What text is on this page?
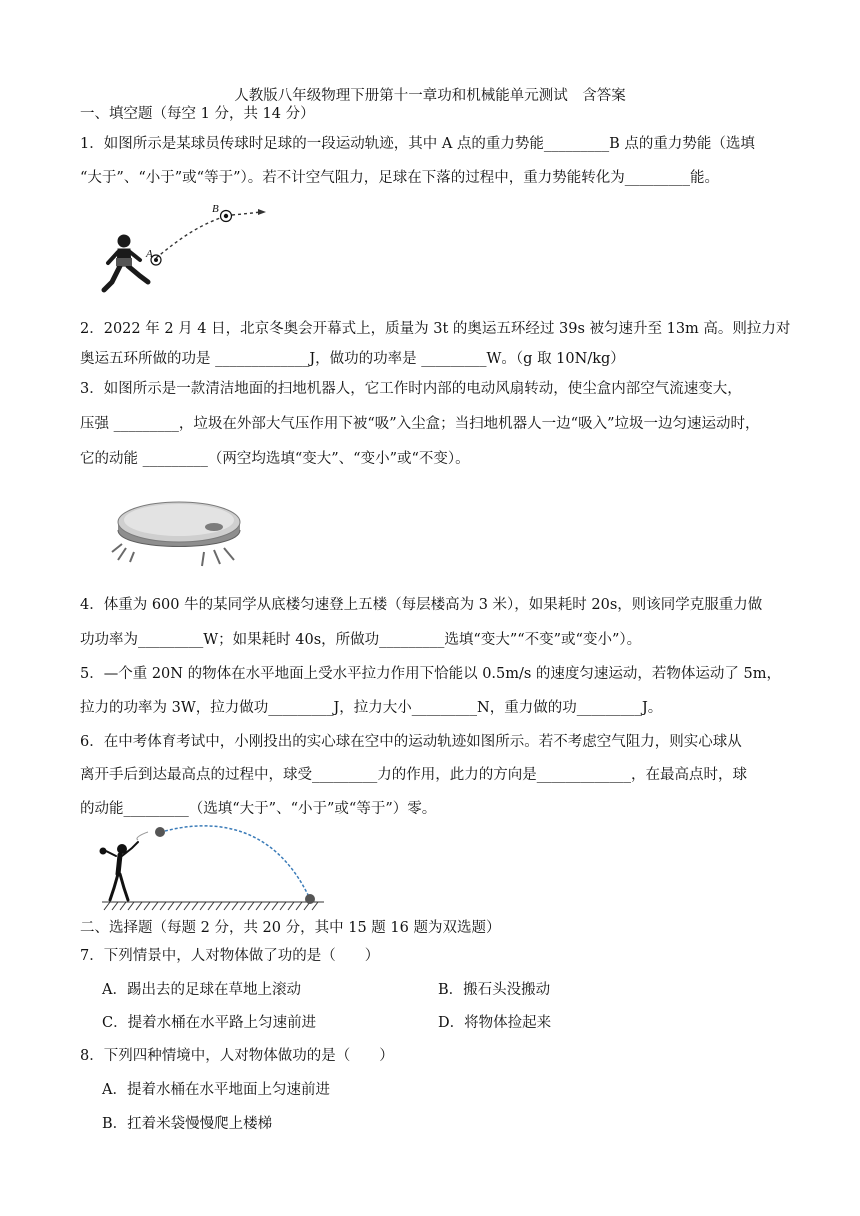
人教版八年级物理下册第十一章功和机械能单元测试　含答案
一、填空题（每空 1 分，共 14 分）
1．如图所示是某球员传球时足球的一段运动轨迹，其中 A 点的重力势能_________B 点的重力势能（选填
“大于”、“小于”或“等于”）。若不计空气阻力，足球在下落的过程中，重力势能转化为_________能。
A
B
2．2022 年 2 月 4 日，北京冬奥会开幕式上，质量为 3t 的奥运五环经过 39s 被匀速升至 13m 高。则拉力对
奥运五环所做的功是 _____________J，做功的功率是 _________W。（g 取 10N/kg）
3．如图所示是一款清洁地面的扫地机器人，它工作时内部的电动风扇转动，使尘盒内部空气流速变大，
压强 _________，垃圾在外部大气压作用下被“吸”入尘盒；当扫地机器人一边“吸入”垃圾一边匀速运动时，
它的动能 _________（两空均选填“变大”、“变小”或“不变）。
4．体重为 600 牛的某同学从底楼匀速登上五楼（每层楼高为 3 米），如果耗时 20s，则该同学克服重力做
功功率为_________W；如果耗时 40s，所做功_________选填“变大”“不变”或“变小”）。
5．—个重 20N 的物体在水平地面上受水平拉力作用下恰能以 0.5m/s 的速度匀速运动，若物体运动了 5m，
拉力的功率为 3W，拉力做功_________J，拉力大小_________N，重力做的功_________J。
6．在中考体育考试中，小刚投出的实心球在空中的运动轨迹如图所示。若不考虑空气阻力，则实心球从
离开手后到达最高点的过程中，球受_________力的作用，此力的方向是_____________，在最高点时，球
的动能_________（选填“大于”、“小于”或“等于”）零。
二、选择题（每题 2 分，共 20 分，其中 15 题 16 题为双选题）
7．下列情景中，人对物体做了功的是（　　）
A．踢出去的足球在草地上滚动	B．搬石头没搬动
C．提着水桶在水平路上匀速前进	D．将物体捡起来
8．下列四种情境中，人对物体做功的是（　　）
A．提着水桶在水平地面上匀速前进
B．扛着米袋慢慢爬上楼梯
